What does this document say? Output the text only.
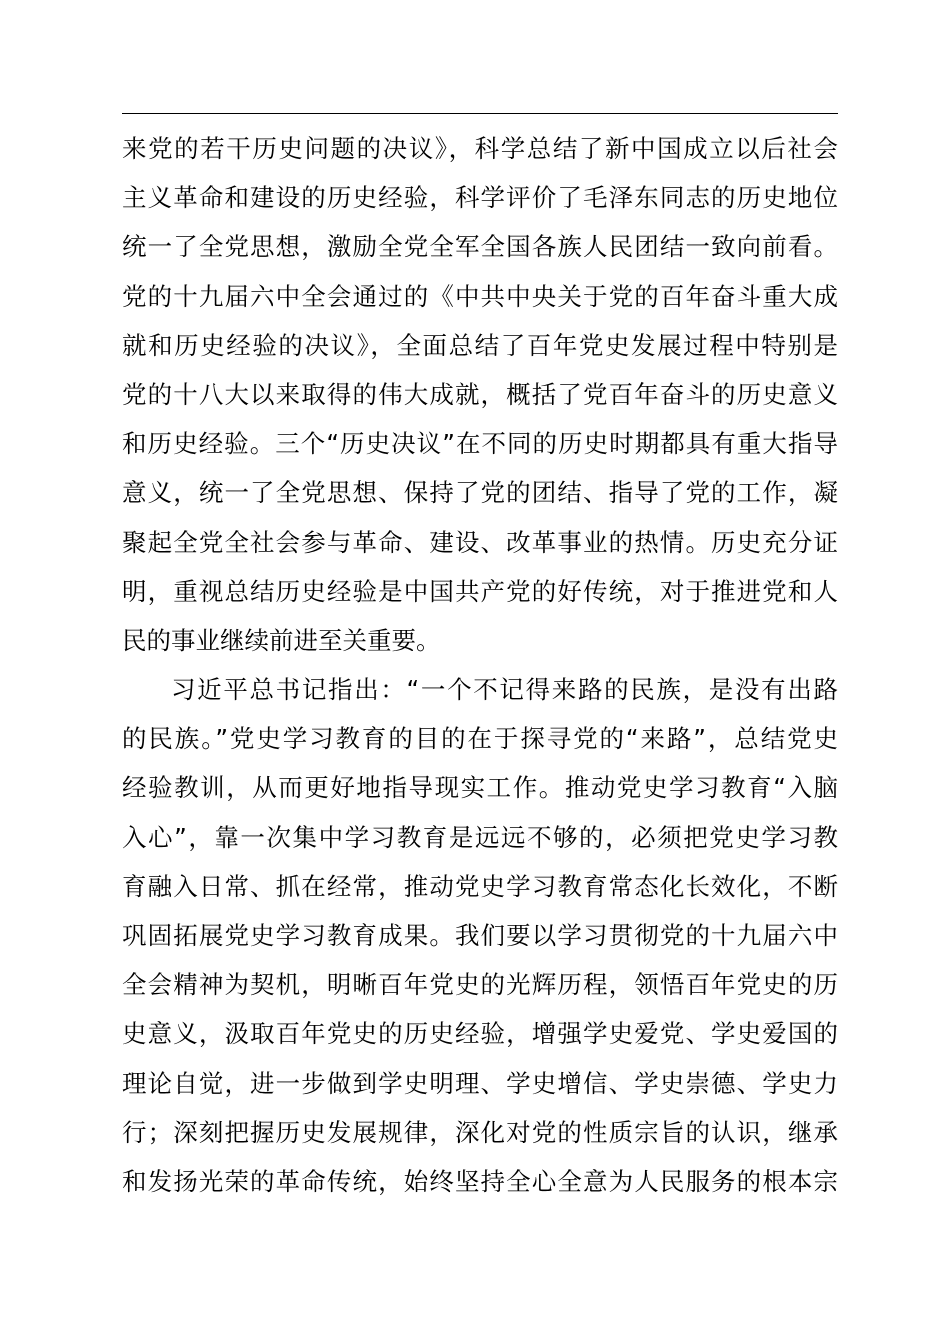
来党的若干历史问题的决议》，科学总结了新中国成立以后社会
主义革命和建设的历史经验，科学评价了毛泽东同志的历史地位
统一了全党思想，激励全党全军全国各族人民团结一致向前看。
党的十九届六中全会通过的《中共中央关于党的百年奋斗重大成
就和历史经验的决议》，全面总结了百年党史发展过程中特别是
党的十八大以来取得的伟大成就，概括了党百年奋斗的历史意义
和历史经验。三个“历史决议”在不同的历史时期都具有重大指导
意义，统一了全党思想、保持了党的团结、指导了党的工作，凝
聚起全党全社会参与革命、建设、改革事业的热情。历史充分证
明，重视总结历史经验是中国共产党的好传统，对于推进党和人
民的事业继续前进至关重要。
习近平总书记指出：“一个不记得来路的民族，是没有出路
的民族。”党史学习教育的目的在于探寻党的“来路”，总结党史
经验教训，从而更好地指导现实工作。推动党史学习教育“入脑
入心”，靠一次集中学习教育是远远不够的，必须把党史学习教
育融入日常、抓在经常，推动党史学习教育常态化长效化，不断
巩固拓展党史学习教育成果。我们要以学习贯彻党的十九届六中
全会精神为契机，明晰百年党史的光辉历程，领悟百年党史的历
史意义，汲取百年党史的历史经验，增强学史爱党、学史爱国的
理论自觉，进一步做到学史明理、学史增信、学史崇德、学史力
行；深刻把握历史发展规律，深化对党的性质宗旨的认识，继承
和发扬光荣的革命传统，始终坚持全心全意为人民服务的根本宗
